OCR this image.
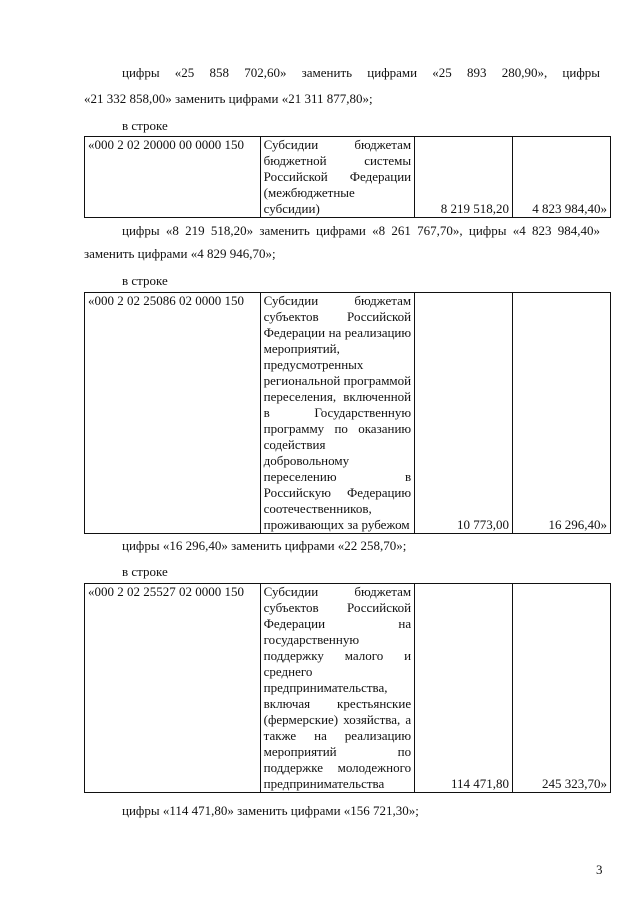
цифры «25 858 702,60» заменить цифрами «25 893 280,90», цифры
«21 332 858,00» заменить цифрами «21 311 877,80»;
в строке
«000 2 02 20000 00 0000 150	Субсидии бюджетам бюджетной системы Российской Федерации (межбюджетные субсидии)	8 219 518,20	4 823 984,40»
цифры «8 219 518,20» заменить цифрами «8 261 767,70», цифры «4 823 984,40»
заменить цифрами «4 829 946,70»;
в строке
«000 2 02 25086 02 0000 150	Субсидии бюджетам субъектов Российской Федерации на реализацию мероприятий, предусмотренных региональной программой переселения, включенной в Государственную программу по оказанию содействия добровольному переселению в Российскую Федерацию соотечественников, проживающих за рубежом	10 773,00	16 296,40»
цифры «16 296,40» заменить цифрами «22 258,70»;
в строке
«000 2 02 25527 02 0000 150	Субсидии бюджетам субъектов Российской Федерации на государственную поддержку малого и среднего предпринимательства, включая крестьянские (фермерские) хозяйства, а также на реализацию мероприятий по поддержке молодежного предпринимательства	114 471,80	245 323,70»
цифры «114 471,80» заменить цифрами «156 721,30»;
3
